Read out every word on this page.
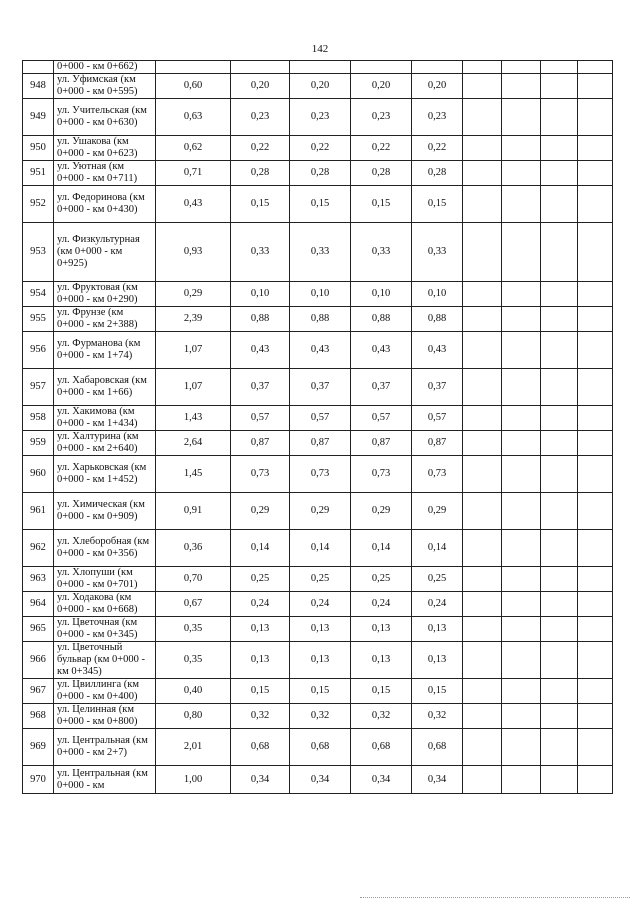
142
	0+000 - км 0+662)									
948	ул. Уфимская (км 0+000 - км 0+595)	0,60	0,20	0,20	0,20	0,20				
949	ул. Учительская (км 0+000 - км 0+630)	0,63	0,23	0,23	0,23	0,23				
950	ул. Ушакова (км 0+000 - км 0+623)	0,62	0,22	0,22	0,22	0,22				
951	ул. Уютная (км 0+000 - км 0+711)	0,71	0,28	0,28	0,28	0,28				
952	ул. Федоринова (км 0+000 - км 0+430)	0,43	0,15	0,15	0,15	0,15				
953	ул. Физкультурная (км 0+000 - км 0+925)	0,93	0,33	0,33	0,33	0,33				
954	ул. Фруктовая (км 0+000 - км 0+290)	0,29	0,10	0,10	0,10	0,10				
955	ул. Фрунзе (км 0+000 - км 2+388)	2,39	0,88	0,88	0,88	0,88				
956	ул. Фурманова (км 0+000 - км 1+74)	1,07	0,43	0,43	0,43	0,43				
957	ул. Хабаровская (км 0+000 - км 1+66)	1,07	0,37	0,37	0,37	0,37				
958	ул. Хакимова (км 0+000 - км 1+434)	1,43	0,57	0,57	0,57	0,57				
959	ул. Халтурина (км 0+000 - км 2+640)	2,64	0,87	0,87	0,87	0,87				
960	ул. Харьковская (км 0+000 - км 1+452)	1,45	0,73	0,73	0,73	0,73				
961	ул. Химическая (км 0+000 - км 0+909)	0,91	0,29	0,29	0,29	0,29				
962	ул. Хлеборобная (км 0+000 - км 0+356)	0,36	0,14	0,14	0,14	0,14				
963	ул. Хлопуши (км 0+000 - км 0+701)	0,70	0,25	0,25	0,25	0,25				
964	ул. Ходакова (км 0+000 - км 0+668)	0,67	0,24	0,24	0,24	0,24				
965	ул. Цветочная (км 0+000 - км 0+345)	0,35	0,13	0,13	0,13	0,13				
966	ул. Цветочный бульвар (км 0+000 - км 0+345)	0,35	0,13	0,13	0,13	0,13				
967	ул. Цвиллинга (км 0+000 - км 0+400)	0,40	0,15	0,15	0,15	0,15				
968	ул. Целинная (км 0+000 - км 0+800)	0,80	0,32	0,32	0,32	0,32				
969	ул. Центральная (км 0+000 - км 2+7)	2,01	0,68	0,68	0,68	0,68				
970	ул. Центральная (км 0+000 - км	1,00	0,34	0,34	0,34	0,34				
